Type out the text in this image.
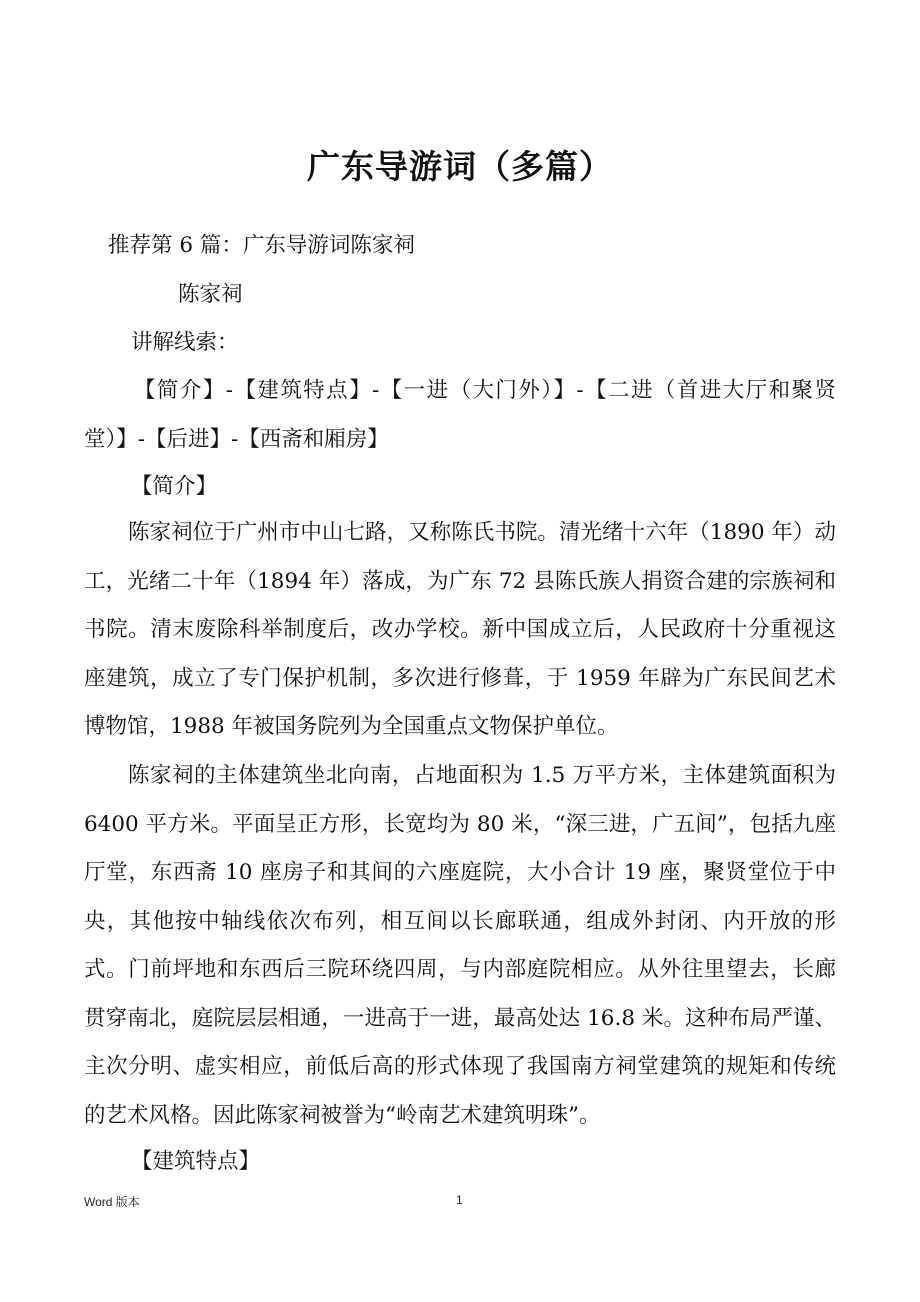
广东导游词（多篇）
推荐第 6 篇：广东导游词陈家祠
陈家祠
讲解线索：
【简介】-【建筑特点】-【一进（大门外）】-【二进（首进大厅和聚贤堂）】-【后进】-【西斋和厢房】
【简介】
陈家祠位于广州市中山七路，又称陈氏书院。清光绪十六年（1890 年）动工，光绪二十年（1894 年）落成，为广东 72 县陈氏族人捐资合建的宗族祠和书院。清末废除科举制度后，改办学校。新中国成立后，人民政府十分重视这座建筑，成立了专门保护机制，多次进行修葺，于 1959 年辟为广东民间艺术博物馆，1988 年被国务院列为全国重点文物保护单位。
陈家祠的主体建筑坐北向南，占地面积为 1.5 万平方米，主体建筑面积为 6400 平方米。平面呈正方形，长宽均为 80 米，“深三进，广五间”，包括九座厅堂，东西斋 10 座房子和其间的六座庭院，大小合计 19 座，聚贤堂位于中央，其他按中轴线依次布列，相互间以长廊联通，组成外封闭、内开放的形式。门前坪地和东西后三院环绕四周，与内部庭院相应。从外往里望去，长廊贯穿南北，庭院层层相通，一进高于一进，最高处达 16.8 米。这种布局严谨、主次分明、虚实相应，前低后高的形式体现了我国南方祠堂建筑的规矩和传统的艺术风格。因此陈家祠被誉为“岭南艺术建筑明珠”。
【建筑特点】
Word 版本	1
